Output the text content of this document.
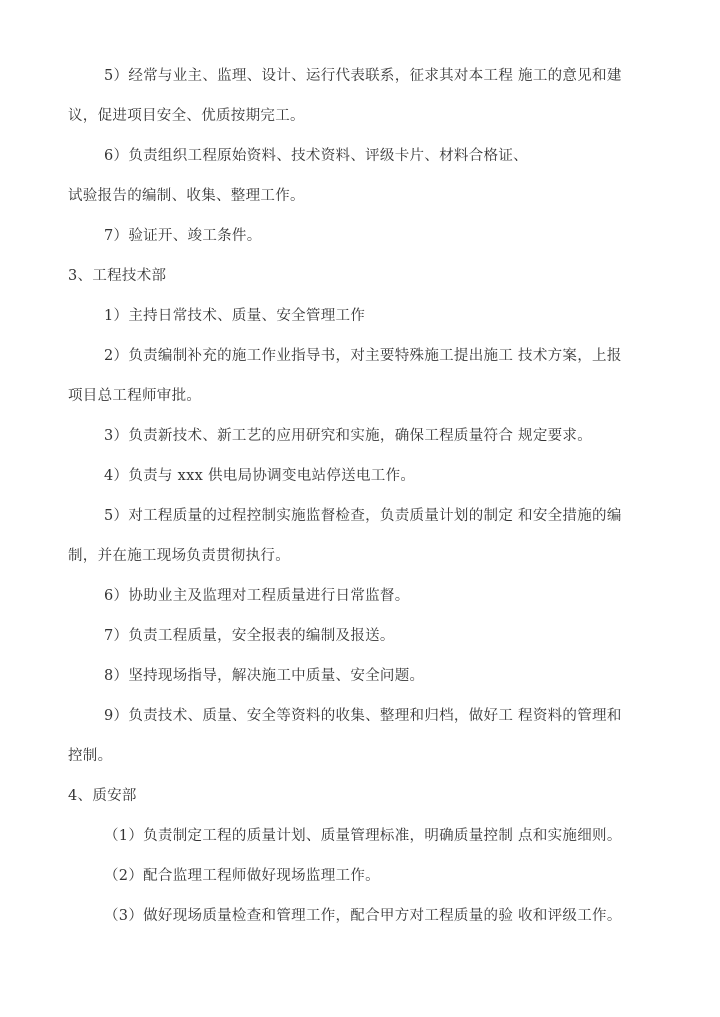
5）经常与业主、监理、设计、运行代表联系，征求其对本工程 施工的意见和建
议，促进项目安全、优质按期完工。
6）负责组织工程原始资料、技术资料、评级卡片、材料合格证、
试验报告的编制、收集、整理工作。
7）验证开、竣工条件。
3、工程技术部
1）主持日常技术、质量、安全管理工作
2）负责编制补充的施工作业指导书，对主要特殊施工提出施工 技术方案，上报
项目总工程师审批。
3）负责新技术、新工艺的应用研究和实施，确保工程质量符合 规定要求。
4）负责与 xxx 供电局协调变电站停送电工作。
5）对工程质量的过程控制实施监督检查，负责质量计划的制定 和安全措施的编
制，并在施工现场负责贯彻执行。
6）协助业主及监理对工程质量进行日常监督。
7）负责工程质量，安全报表的编制及报送。
8）坚持现场指导，解决施工中质量、安全问题。
9）负责技术、质量、安全等资料的收集、整理和归档，做好工 程资料的管理和
控制。
4、质安部
（1）负责制定工程的质量计划、质量管理标准，明确质量控制 点和实施细则。
（2）配合监理工程师做好现场监理工作。
（3）做好现场质量检查和管理工作，配合甲方对工程质量的验 收和评级工作。
